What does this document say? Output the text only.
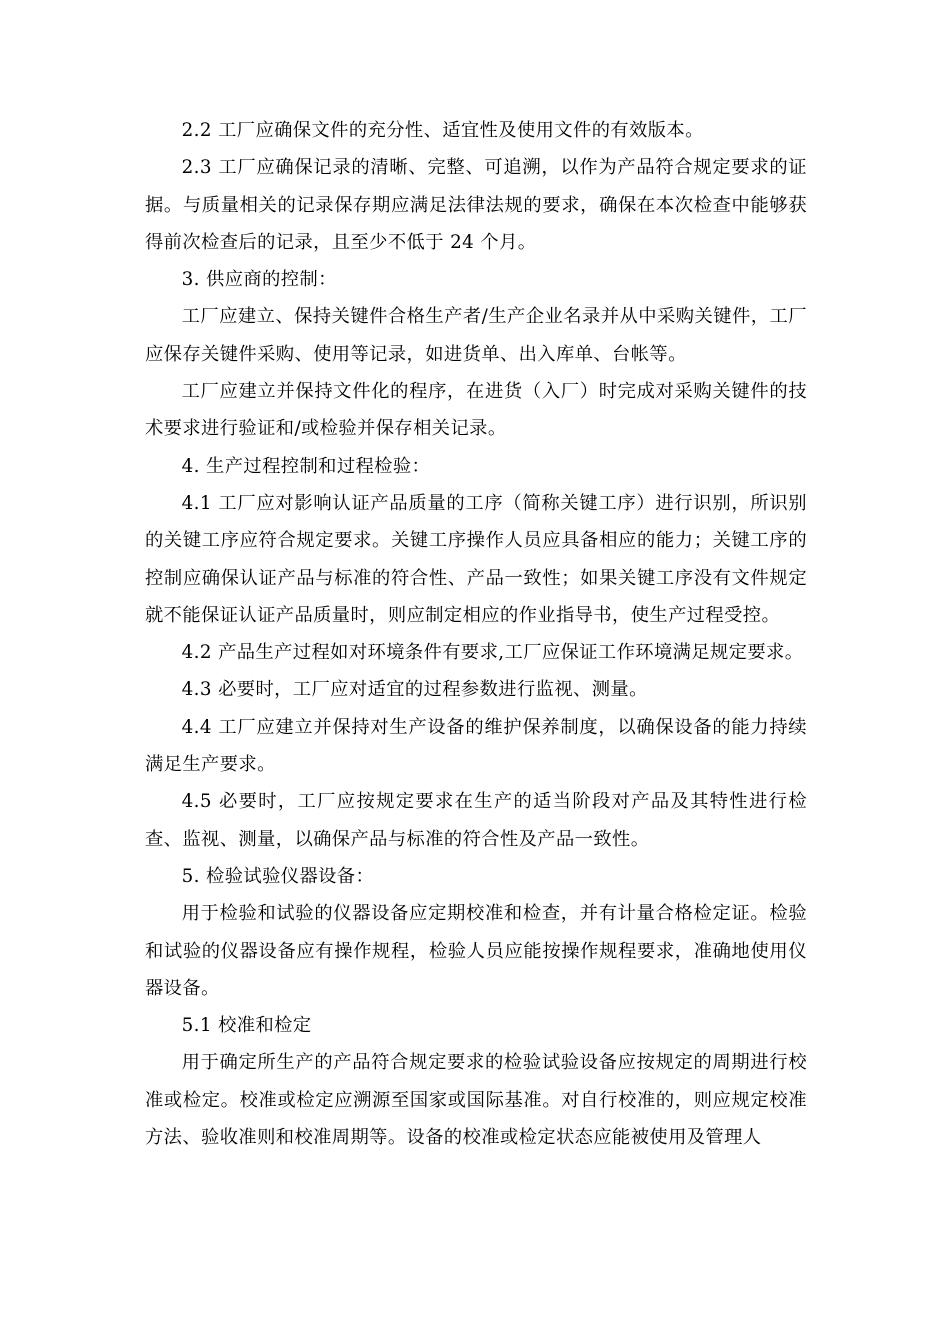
2.2 工厂应确保文件的充分性、适宜性及使用文件的有效版本。

2.3 工厂应确保记录的清晰、完整、可追溯，以作为产品符合规定要求的证据。与质量相关的记录保存期应满足法律法规的要求，确保在本次检查中能够获得前次检查后的记录，且至少不低于 24 个月。

3. 供应商的控制：

工厂应建立、保持关键件合格生产者/生产企业名录并从中采购关键件，工厂应保存关键件采购、使用等记录，如进货单、出入库单、台帐等。

工厂应建立并保持文件化的程序，在进货（入厂）时完成对采购关键件的技术要求进行验证和/或检验并保存相关记录。

4. 生产过程控制和过程检验：

4.1 工厂应对影响认证产品质量的工序（简称关键工序）进行识别，所识别的关键工序应符合规定要求。关键工序操作人员应具备相应的能力；关键工序的控制应确保认证产品与标准的符合性、产品一致性；如果关键工序没有文件规定就不能保证认证产品质量时，则应制定相应的作业指导书，使生产过程受控。

4.2 产品生产过程如对环境条件有要求,工厂应保证工作环境满足规定要求。

4.3 必要时，工厂应对适宜的过程参数进行监视、测量。

4.4 工厂应建立并保持对生产设备的维护保养制度，以确保设备的能力持续满足生产要求。

4.5 必要时，工厂应按规定要求在生产的适当阶段对产品及其特性进行检查、监视、测量，以确保产品与标准的符合性及产品一致性。

5. 检验试验仪器设备：

用于检验和试验的仪器设备应定期校准和检查，并有计量合格检定证。检验和试验的仪器设备应有操作规程，检验人员应能按操作规程要求，准确地使用仪器设备。

5.1 校准和检定

用于确定所生产的产品符合规定要求的检验试验设备应按规定的周期进行校准或检定。校准或检定应溯源至国家或国际基准。对自行校准的，则应规定校准方法、验收准则和校准周期等。设备的校准或检定状态应能被使用及管理人
